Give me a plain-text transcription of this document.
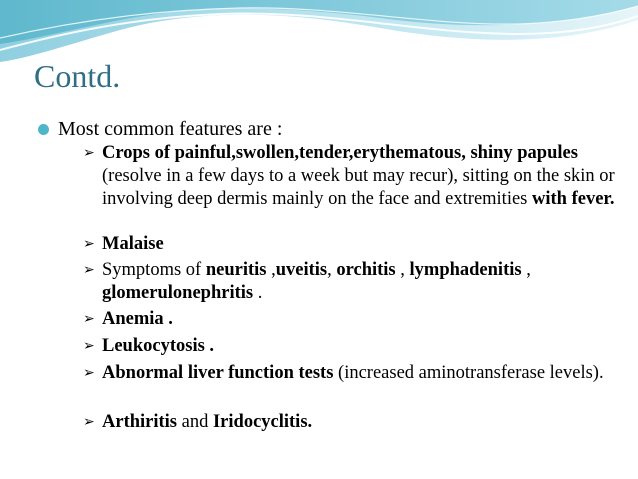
Contd.
Most common features are :
➢ Crops of painful,swollen,tender,erythematous, shiny papules (resolve in a few days to a week but may recur), sitting on the skin or involving deep dermis mainly on the face and extremities with fever.
➢ Malaise
➢ Symptoms of neuritis ,uveitis, orchitis , lymphadenitis , glomerulonephritis .
➢ Anemia .
➢ Leukocytosis .
➢ Abnormal liver function tests (increased aminotransferase levels).
➢ Arthiritis and Iridocyclitis.
